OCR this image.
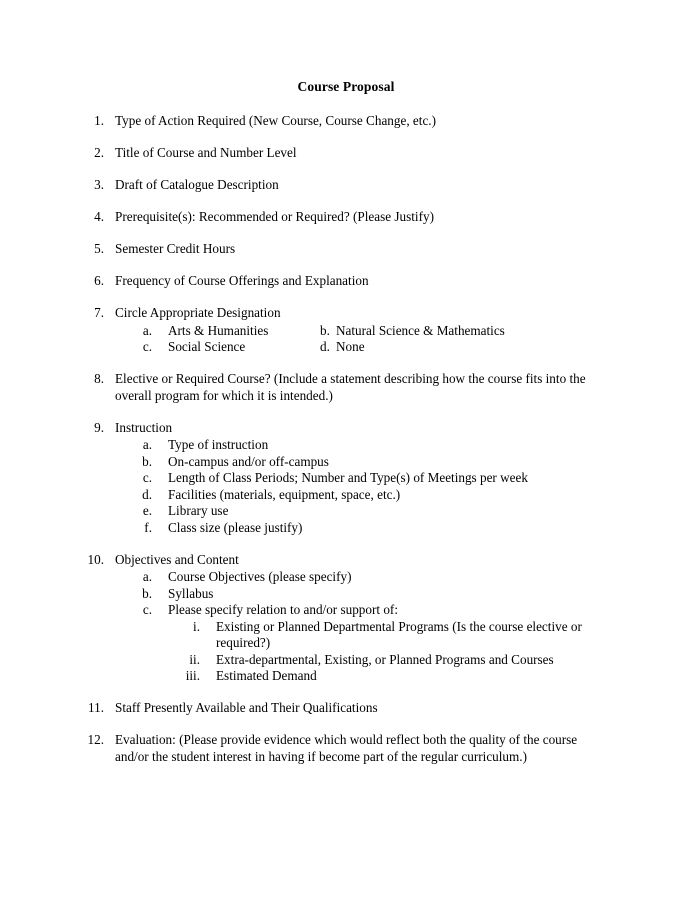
Course Proposal
1. Type of Action Required (New Course, Course Change, etc.)
2. Title of Course and Number Level
3. Draft of Catalogue Description
4. Prerequisite(s): Recommended or Required? (Please Justify)
5. Semester Credit Hours
6. Frequency of Course Offerings and Explanation
7. Circle Appropriate Designation
a. Arts & Humanities	b. Natural Science & Mathematics
c. Social Science	d. None
8. Elective or Required Course? (Include a statement describing how the course fits into the overall program for which it is intended.)
9. Instruction
a. Type of instruction
b. On-campus and/or off-campus
c. Length of Class Periods; Number and Type(s) of Meetings per week
d. Facilities (materials, equipment, space, etc.)
e. Library use
f. Class size (please justify)
10. Objectives and Content
a. Course Objectives (please specify)
b. Syllabus
c. Please specify relation to and/or support of:
i. Existing or Planned Departmental Programs (Is the course elective or required?)
ii. Extra-departmental, Existing, or Planned Programs and Courses
iii. Estimated Demand
11. Staff Presently Available and Their Qualifications
12. Evaluation: (Please provide evidence which would reflect both the quality of the course and/or the student interest in having if become part of the regular curriculum.)
